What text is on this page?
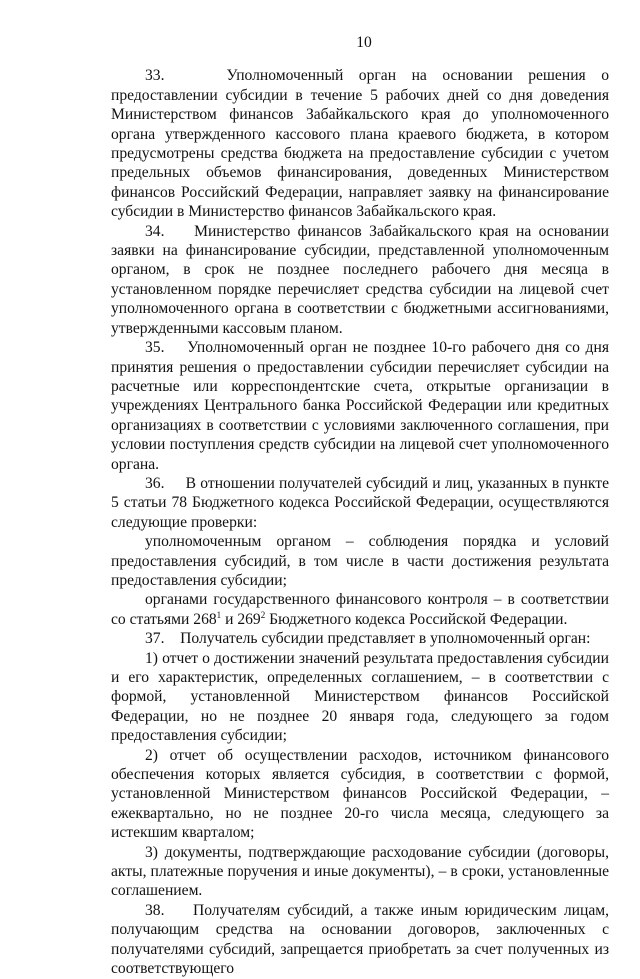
10

33.	Уполномоченный орган на основании решения о предоставлении субсидии в течение 5 рабочих дней со дня доведения Министерством финансов Забайкальского края до уполномоченного органа утвержденного кассового плана краевого бюджета, в котором предусмотрены средства бюджета на предоставление субсидии с учетом предельных объемов финансирования, доведенных Министерством финансов Российский Федерации, направляет заявку на финансирование субсидии в Министерство финансов Забайкальского края.

34. Министерство финансов Забайкальского края на основании заявки на финансирование субсидии, представленной уполномоченным органом, в срок не позднее последнего рабочего дня месяца в установленном порядке перечисляет средства субсидии на лицевой счет уполномоченного органа в соответствии с бюджетными ассигнованиями, утвержденными кассовым планом.

35. Уполномоченный орган не позднее 10-го рабочего дня со дня принятия решения о предоставлении субсидии перечисляет субсидии на расчетные или корреспондентские счета, открытые организации в учреждениях Центрального банка Российской Федерации или кредитных организациях в соответствии с условиями заключенного соглашения, при условии поступления средств субсидии на лицевой счет уполномоченного органа.

36. В отношении получателей субсидий и лиц, указанных в пункте 5 статьи 78 Бюджетного кодекса Российской Федерации, осуществляются следующие проверки:

уполномоченным органом – соблюдения порядка и условий предоставления субсидий, в том числе в части достижения результата предоставления субсидии;

органами государственного финансового контроля – в соответствии со статьями $268^1$ и $269^2$ Бюджетного кодекса Российской Федерации.

37. Получатель субсидии представляет в уполномоченный орган:

1) отчет о достижении значений результата предоставления субсидии и его характеристик, определенных соглашением, – в соответствии с формой, установленной Министерством финансов Российской Федерации, но не позднее 20 января года, следующего за годом предоставления субсидии;

2) отчет об осуществлении расходов, источником финансового обеспечения которых является субсидия, в соответствии с формой, установленной Министерством финансов Российской Федерации, – ежеквартально, но не позднее 20-го числа месяца, следующего за истекшим кварталом;

3) документы, подтверждающие расходование субсидии (договоры, акты, платежные поручения и иные документы), – в сроки, установленные соглашением.

38. Получателям субсидий, а также иным юридическим лицам, получающим средства на основании договоров, заключенных с получателями субсидий, запрещается приобретать за счет полученных из соответствующего
